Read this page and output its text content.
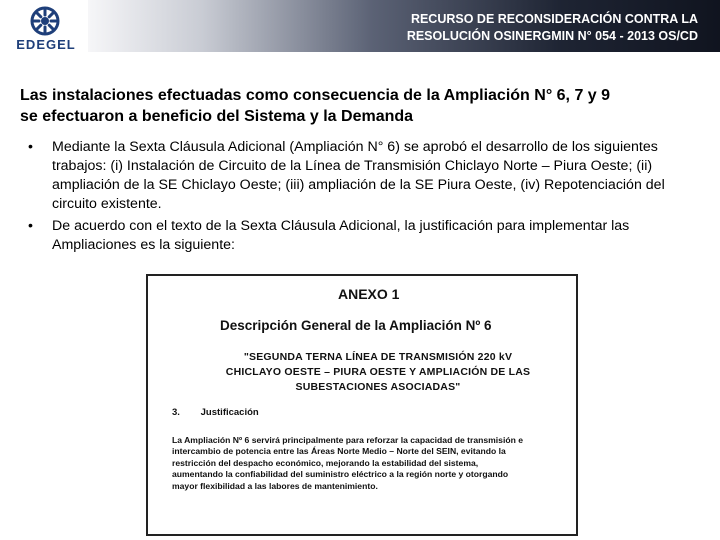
EDEGEL
RECURSO DE RECONSIDERACIÓN CONTRA LA
RESOLUCIÓN OSINERGMIN N° 054 - 2013 OS/CD
Las instalaciones efectuadas como consecuencia de la Ampliación N° 6, 7 y 9
se efectuaron a beneficio del Sistema y la Demanda
• Mediante la Sexta Cláusula Adicional (Ampliación N° 6) se aprobó el desarrollo de los siguientes trabajos: (i) Instalación de Circuito de la Línea de Transmisión Chiclayo Norte – Piura Oeste; (ii) ampliación de la SE Chiclayo Oeste; (iii) ampliación de la SE Piura Oeste, (iv) Repotenciación del circuito existente.
• De acuerdo con el texto de la Sexta Cláusula Adicional, la justificación para implementar las Ampliaciones es la siguiente:
ANEXO 1
Descripción General de la Ampliación Nº 6
"SEGUNDA TERNA LÍNEA DE TRANSMISIÓN 220 kV
CHICLAYO OESTE – PIURA OESTE Y AMPLIACIÓN DE LAS
SUBESTACIONES ASOCIADAS"
3. Justificación
La Ampliación Nº 6 servirá principalmente para reforzar la capacidad de transmisión e
intercambio de potencia entre las Áreas Norte Medio – Norte del SEIN, evitando la
restricción del despacho económico, mejorando la estabilidad del sistema,
aumentando la confiabilidad del suministro eléctrico a la región norte y otorgando
mayor flexibilidad a las labores de mantenimiento.
